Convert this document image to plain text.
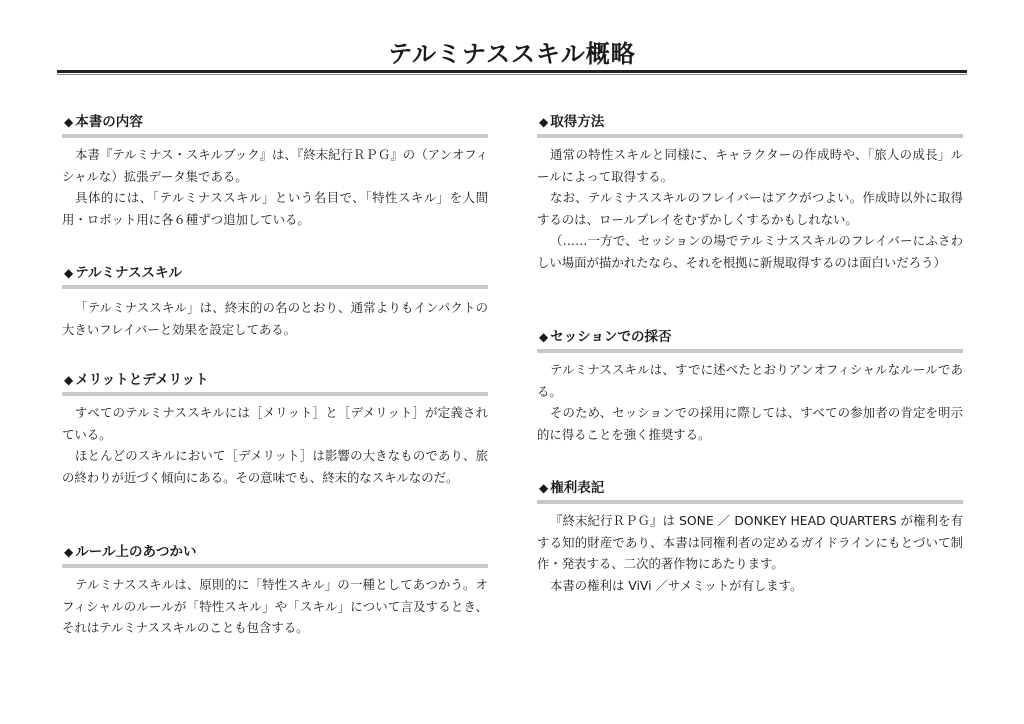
テルミナススキル概略
◆ 本書の内容

本書『テルミナス・スキルブック』は、『終末紀行ＲＰＧ』の（アンオフィシャルな）拡張データ集である。

具体的には、「テルミナススキル」という名目で、「特性スキル」を人間用・ロボット用に各６種ずつ追加している。

◆ テルミナススキル

「テルミナススキル」は、終末的の名のとおり、通常よりもインパクトの大きいフレイバーと効果を設定してある。

◆ メリットとデメリット

すべてのテルミナススキルには［メリット］と［デメリット］が定義されている。

ほとんどのスキルにおいて［デメリット］は影響の大きなものであり、旅の終わりが近づく傾向にある。その意味でも、終末的なスキルなのだ。

◆ ルール上のあつかい

テルミナススキルは、原則的に「特性スキル」の一種としてあつかう。オフィシャルのルールが「特性スキル」や「スキル」について言及するとき、それはテルミナススキルのことも包含する。

◆ 取得方法

通常の特性スキルと同様に、キャラクターの作成時や、「旅人の成長」ルールによって取得する。

なお、テルミナススキルのフレイバーはアクがつよい。作成時以外に取得するのは、ロールプレイをむずかしくするかもしれない。

（……一方で、セッションの場でテルミナススキルのフレイバーにふさわしい場面が描かれたなら、それを根拠に新規取得するのは面白いだろう）

◆ セッションでの採否

テルミナススキルは、すでに述べたとおりアンオフィシャルなルールである。

そのため、セッションでの採用に際しては、すべての参加者の肯定を明示的に得ることを強く推奨する。

◆ 権利表記

『終末紀行ＲＰＧ』は SONE ／ DONKEY HEAD QUARTERS が権利を有する知的財産であり、本書は同権利者の定めるガイドラインにもとづいて制作・発表する、二次的著作物にあたります。

本書の権利は ViVi ／サメミットが有します。
